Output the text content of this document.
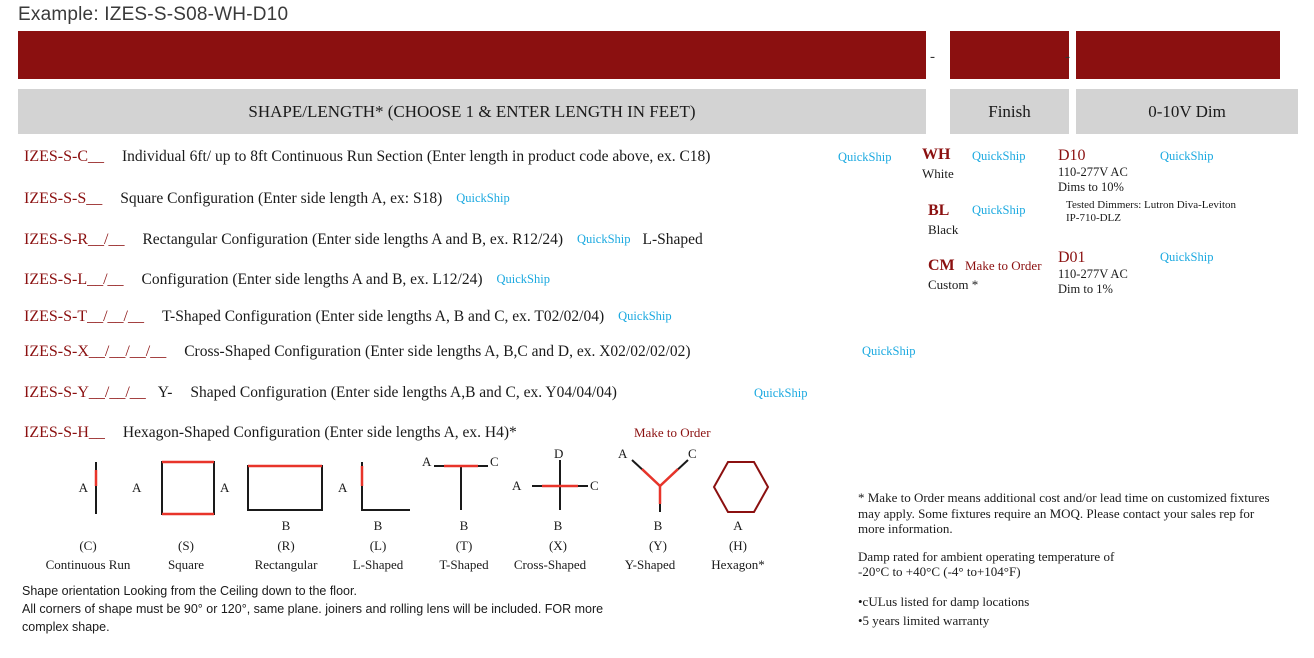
Example: IZES-S-S08-WH-D10
-	-
SHAPE/LENGTH* (CHOOSE 1 & ENTER LENGTH IN FEET)	Finish	0-10V Dim
IZES-S-C__ Individual 6ft/ up to 8ft Continuous Run Section (Enter length in product code above, ex. C18)	QuickShip
IZES-S-S__ Square Configuration (Enter side length A, ex: S18) QuickShip
IZES-S-R__/__ Rectangular Configuration (Enter side lengths A and B, ex. R12/24) QuickShip L-Shaped
IZES-S-L__/__ Configuration (Enter side lengths A and B, ex. L12/24) QuickShip
IZES-S-T__/__/__ T-Shaped Configuration (Enter side lengths A, B and C, ex. T02/02/04) QuickShip
IZES-S-X__/__/__/__ Cross-Shaped Configuration (Enter side lengths A, B,C and D, ex. X02/02/02/02)	QuickShip
IZES-S-Y__/__/__ Y- Shaped Configuration (Enter side lengths A,B and C, ex. Y04/04/04)	QuickShip
IZES-S-H__ Hexagon-Shaped Configuration (Enter side lengths A, ex. H4)*	Make to Order
WH
White
QuickShip
BL
Black
QuickShip
CM
Custom *
Make to Order
D10
110-277V AC
Dims to 10%
Tested Dimmers: Lutron Diva-Leviton IP-710-DLZ
QuickShip
D01
110-277V AC
Dim to 1%
QuickShip
A
(C)
Continuous Run
A
(S)
Square
A
B
(R)
Rectangular
A
B
(L)
L-Shaped
A	C
B
(T)
T-Shaped
D
A	C
B
(X)
Cross-Shaped
A	C
B
(Y)
Y-Shaped
A
(H)
Hexagon*
Shape orientation Looking from the Ceiling down to the floor.
All corners of shape must be 90° or 120°, same plane. joiners and rolling lens will be included. FOR more
complex shape.

* Make to Order means additional cost and/or lead time on customized fixtures may apply. Some fixtures require an MOQ. Please contact your sales rep for more information.

Damp rated for ambient operating temperature of
-20°C to +40°C (-4° to+104°F)

•cULus listed for damp locations
•5 years limited warranty
